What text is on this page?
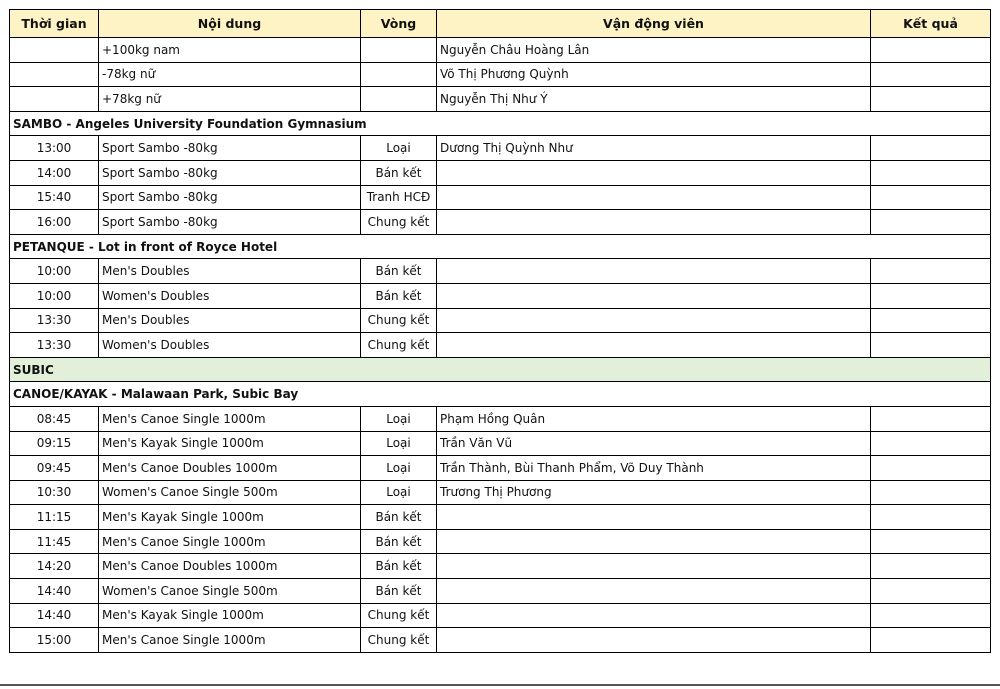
Thời gian	Nội dung	Vòng	Vận động viên	Kết quả
	+100kg nam		Nguyễn Châu Hoàng Lân	
	-78kg nữ		Võ Thị Phương Quỳnh	
	+78kg nữ		Nguyễn Thị Như Ý	
SAMBO - Angeles University Foundation Gymnasium				
13:00	Sport Sambo -80kg	Loại	Dương Thị Quỳnh Như	
14:00	Sport Sambo -80kg	Bán kết		
15:40	Sport Sambo -80kg	Tranh HCĐ		
16:00	Sport Sambo -80kg	Chung kết		
PETANQUE - Lot in front of Royce Hotel				
10:00	Men's Doubles	Bán kết		
10:00	Women's Doubles	Bán kết		
13:30	Men's Doubles	Chung kết		
13:30	Women's Doubles	Chung kết		
SUBIC				
CANOE/KAYAK - Malawaan Park, Subic Bay				
08:45	Men's Canoe Single 1000m	Loại	Phạm Hồng Quân	
09:15	Men's Kayak Single 1000m	Loại	Trần Văn Vũ	
09:45	Men's Canoe Doubles 1000m	Loại	Trần Thành, Bùi Thanh Phẩm, Võ Duy Thành	
10:30	Women's Canoe Single 500m	Loại	Trương Thị Phương	
11:15	Men's Kayak Single 1000m	Bán kết		
11:45	Men's Canoe Single 1000m	Bán kết		
14:20	Men's Canoe Doubles 1000m	Bán kết		
14:40	Women's Canoe Single 500m	Bán kết		
14:40	Men's Kayak Single 1000m	Chung kết		
15:00	Men's Canoe Single 1000m	Chung kết		
